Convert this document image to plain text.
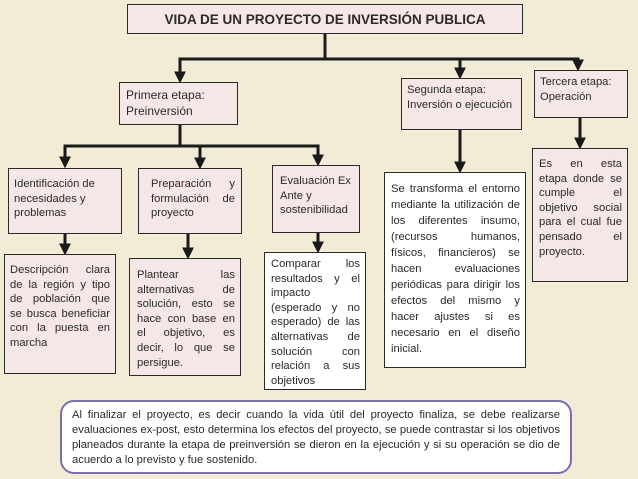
VIDA DE UN PROYECTO DE INVERSIÓN PUBLICA
Primera etapa: Preinversión
Segunda etapa: Inversión o ejecución
Tercera etapa: Operación
Identificación de necesidades y problemas
Preparación y formulación de proyecto
Evaluación Ex Ante y sostenibilidad
Descripción clara de la región y tipo de población que se busca beneficiar con la puesta en marcha
Plantear las alternativas de solución, esto se hace con base en el objetivo, es decir, lo que se persigue.
Comparar los resultados y el impacto (esperado y no esperado) de las alternativas de solución con relación a sus objetivos
Se transforma el entorno mediante la utilización de los diferentes insumo, (recursos humanos, físicos, financieros) se hacen evaluaciones periódicas para dirigir los efectos del mismo y hacer ajustes si es necesario en el diseño inicial.
Es en esta etapa donde se cumple el objetivo social para el cual fue pensado el proyecto.
Al finalizar el proyecto, es decir cuando la vida útil del proyecto finaliza, se debe realizarse evaluaciones ex-post, esto determina los efectos del proyecto, se puede contrastar si los objetivos planeados durante la etapa de preinversión se dieron en la ejecución y si su operación se dio de acuerdo a lo previsto y fue sostenido.
